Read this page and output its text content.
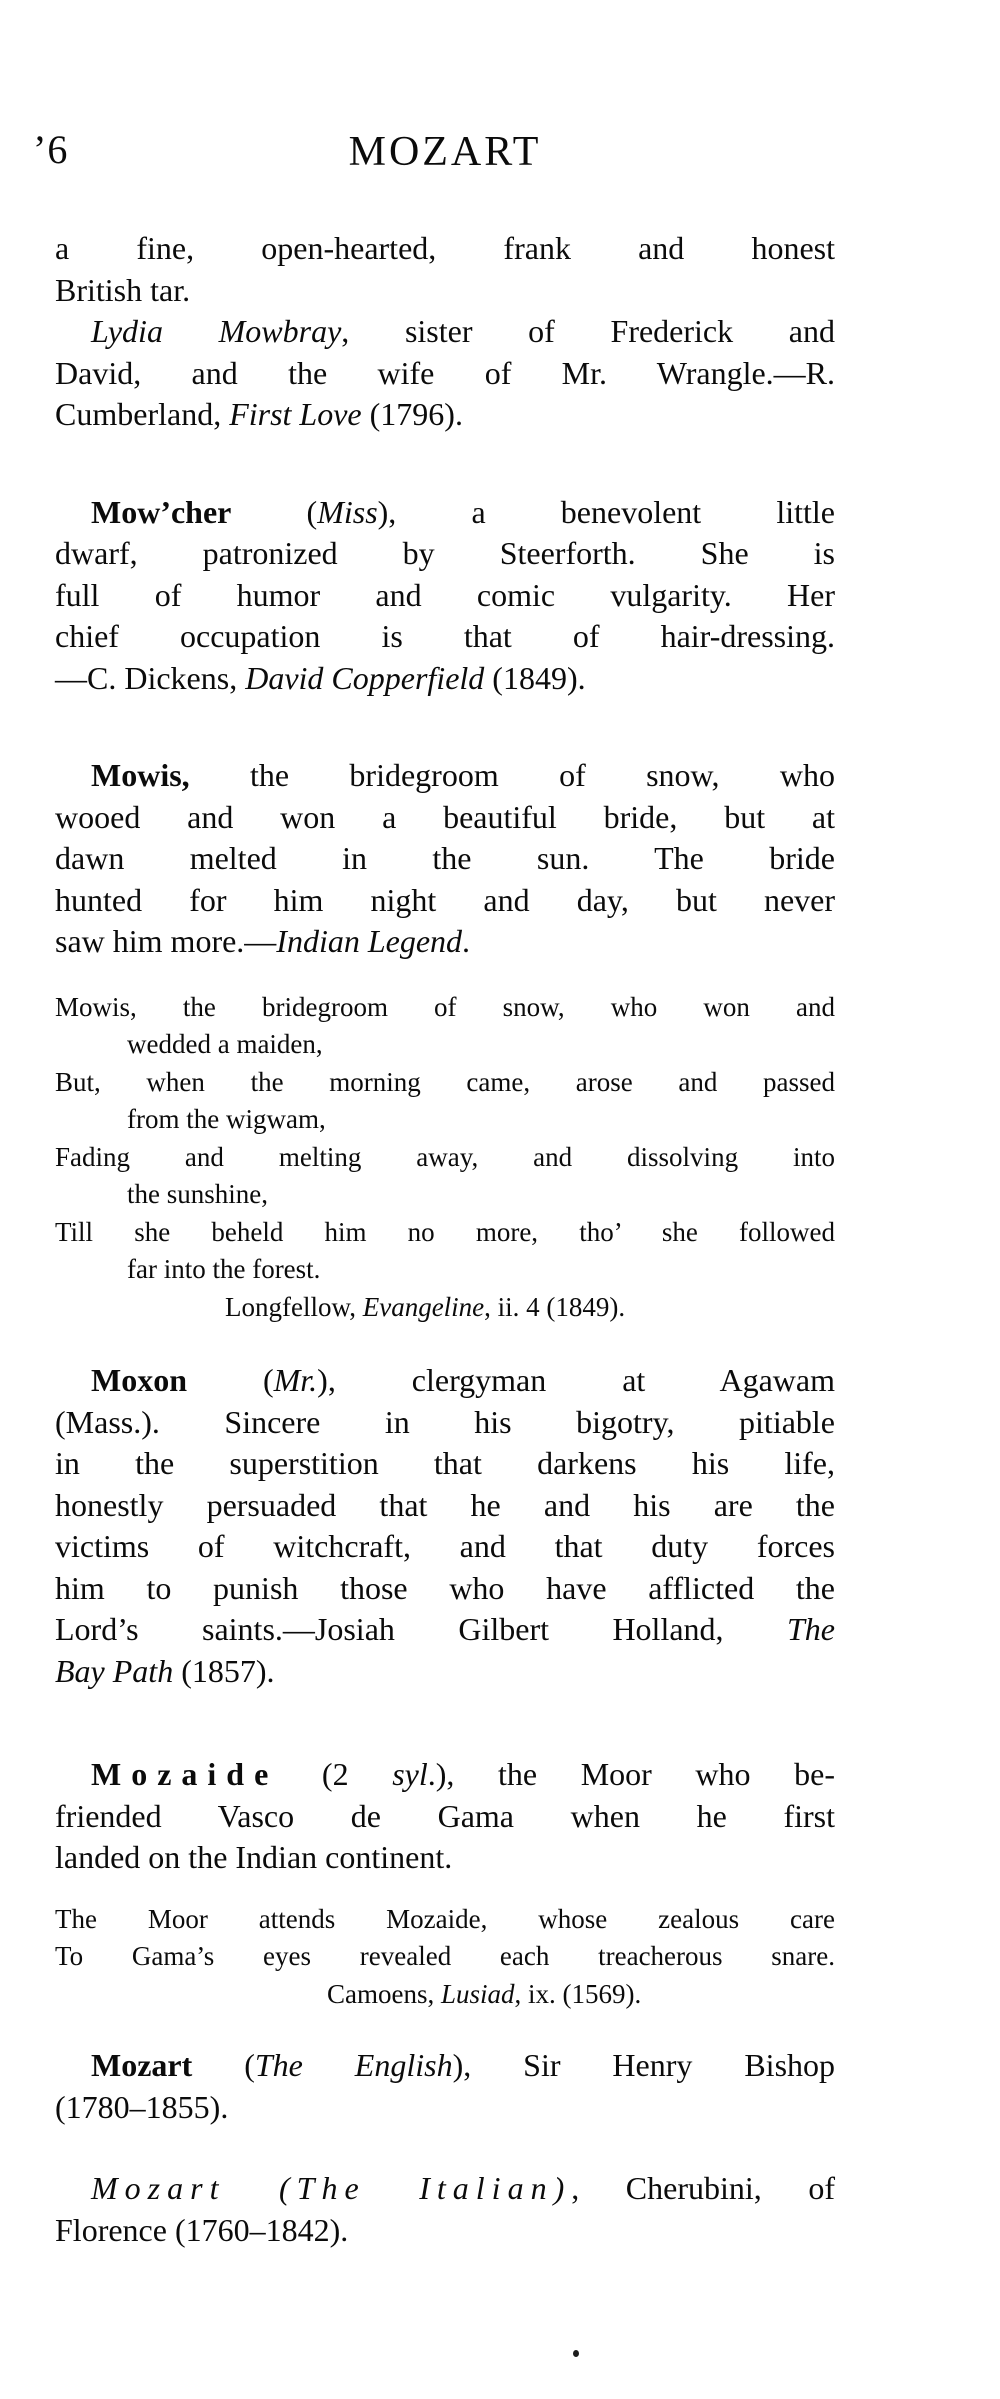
’6	MOZART
a fine, open-hearted, frank and honest
British tar.
Lydia Mowbray, sister of Frederick and
David, and the wife of Mr. Wrangle.—R.
Cumberland, First Love (1796).
Mow’cher (Miss), a benevolent little
dwarf, patronized by Steerforth. She is
full of humor and comic vulgarity. Her
chief occupation is that of hair-dressing.
—C. Dickens, David Copperfield (1849).
Mowis, the bridegroom of snow, who
wooed and won a beautiful bride, but at
dawn melted in the sun. The bride
hunted for him night and day, but never
saw him more.—Indian Legend.
Mowis, the bridegroom of snow, who won and
wedded a maiden,
But, when the morning came, arose and passed
from the wigwam,
Fading and melting away, and dissolving into
the sunshine,
Till she beheld him no more, tho’ she followed
far into the forest.
Longfellow, Evangeline, ii. 4 (1849).
Moxon (Mr.), clergyman at Agawam
(Mass.). Sincere in his bigotry, pitiable
in the superstition that darkens his life,
honestly persuaded that he and his are the
victims of witchcraft, and that duty forces
him to punish those who have afflicted the
Lord’s saints.—Josiah Gilbert Holland, The
Bay Path (1857).
Mozaide (2 syl.), the Moor who be-
friended Vasco de Gama when he first
landed on the Indian continent.
The Moor attends Mozaide, whose zealous care
To Gama’s eyes revealed each treacherous snare.
Camoens, Lusiad, ix. (1569).
Mozart (The English), Sir Henry Bishop
(1780–1855).
Mozart (The Italian), Cherubini, of
Florence (1760–1842).
